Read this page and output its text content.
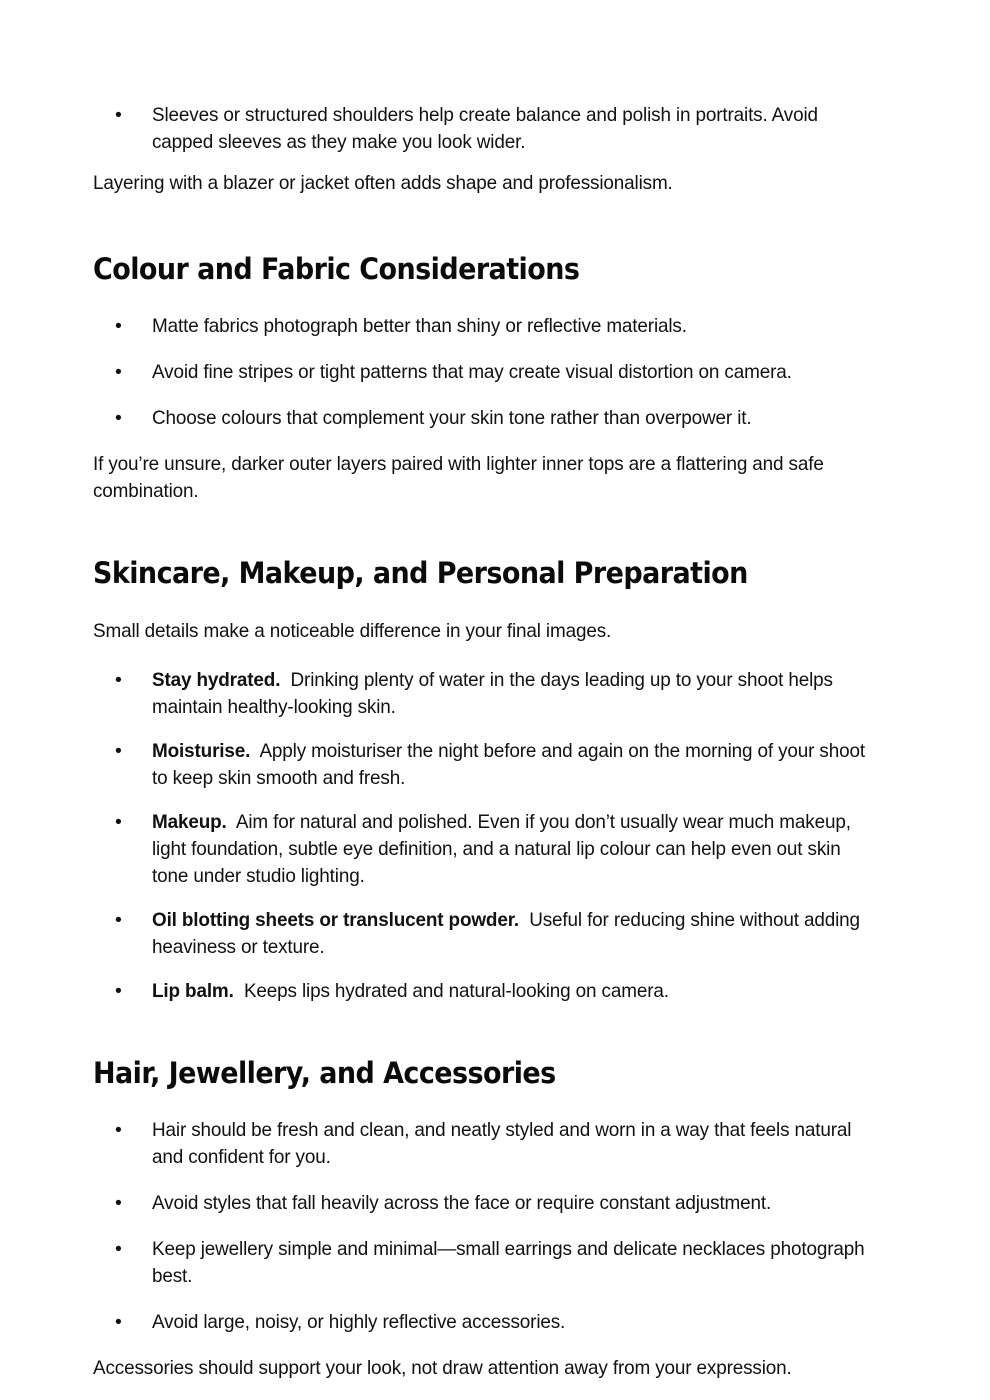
• Sleeves or structured shoulders help create balance and polish in portraits. Avoid capped sleeves as they make you look wider.

Layering with a blazer or jacket often adds shape and professionalism.

Colour and Fabric Considerations
• Matte fabrics photograph better than shiny or reflective materials.
• Avoid fine stripes or tight patterns that may create visual distortion on camera.
• Choose colours that complement your skin tone rather than overpower it.

If you’re unsure, darker outer layers paired with lighter inner tops are a flattering and safe combination.

Skincare, Makeup, and Personal Preparation

Small details make a noticeable difference in your final images.

• Stay hydrated. Drinking plenty of water in the days leading up to your shoot helps maintain healthy-looking skin.
• Moisturise. Apply moisturiser the night before and again on the morning of your shoot to keep skin smooth and fresh.
• Makeup. Aim for natural and polished. Even if you don’t usually wear much makeup, light foundation, subtle eye definition, and a natural lip colour can help even out skin tone under studio lighting.
• Oil blotting sheets or translucent powder. Useful for reducing shine without adding heaviness or texture.
• Lip balm. Keeps lips hydrated and natural-looking on camera.
Hair, Jewellery, and Accessories
• Hair should be fresh and clean, and neatly styled and worn in a way that feels natural and confident for you.
• Avoid styles that fall heavily across the face or require constant adjustment.
• Keep jewellery simple and minimal—small earrings and delicate necklaces photograph best.
• Avoid large, noisy, or highly reflective accessories.

Accessories should support your look, not draw attention away from your expression.
